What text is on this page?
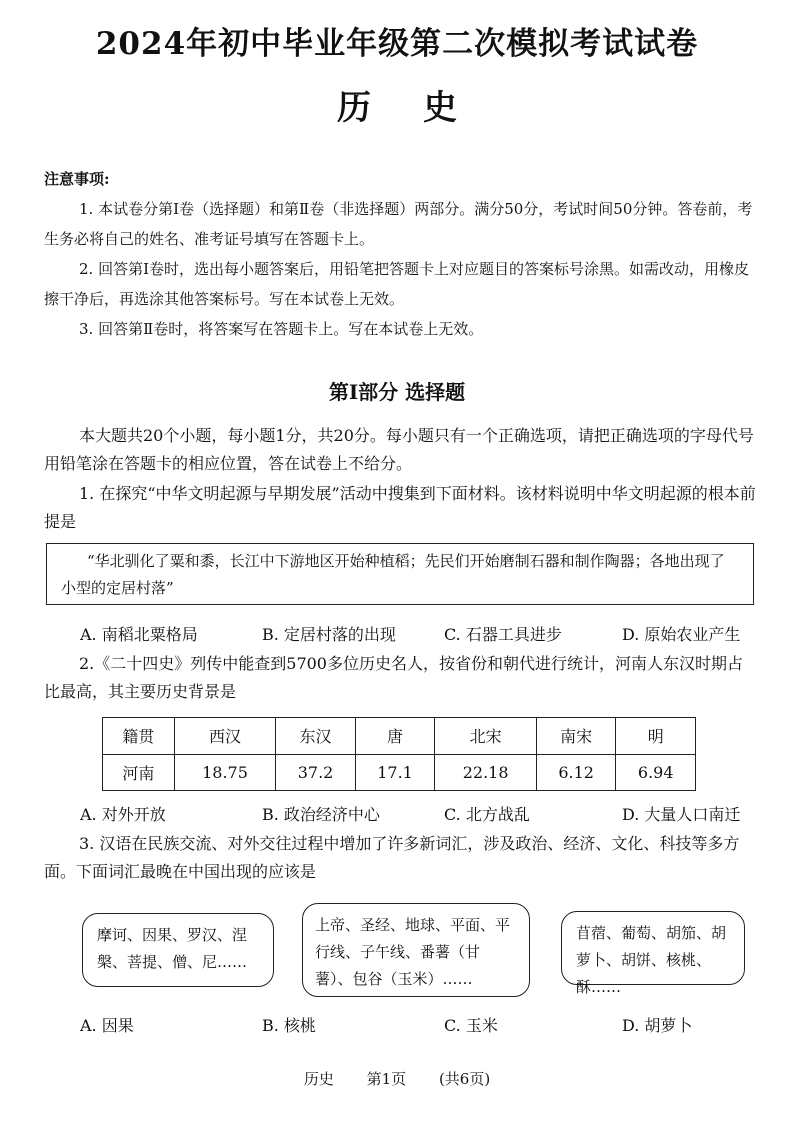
2024年初中毕业年级第二次模拟考试试卷
历史

注意事项:

1. 本试卷分第Ⅰ卷（选择题）和第Ⅱ卷（非选择题）两部分。满分50分，考试时间50分钟。答卷前，考生务必将自己的姓名、准考证号填写在答题卡上。

2. 回答第Ⅰ卷时，选出每小题答案后，用铅笔把答题卡上对应题目的答案标号涂黑。如需改动，用橡皮擦干净后，再选涂其他答案标号。写在本试卷上无效。

3. 回答第Ⅱ卷时，将答案写在答题卡上。写在本试卷上无效。

第Ⅰ部分 选择题

本大题共20个小题，每小题1分，共20分。每小题只有一个正确选项，请把正确选项的字母代号用铅笔涂在答题卡的相应位置，答在试卷上不给分。

1. 在探究“中华文明起源与早期发展”活动中搜集到下面材料。该材料说明中华文明起源的根本前提是

“华北驯化了粟和黍，长江中下游地区开始种植稻；先民们开始磨制石器和制作陶器；各地出现了小型的定居村落”
A. 南稻北粟格局	B. 定居村落的出现	C. 石器工具进步	D. 原始农业产生

2.《二十四史》列传中能查到5700多位历史名人，按省份和朝代进行统计，河南人东汉时期占比最高，其主要历史背景是

籍贯	西汉	东汉	唐	北宋	南宋	明
河南	18.75	37.2	17.1	22.18	6.12	6.94
A. 对外开放	B. 政治经济中心	C. 北方战乱	D. 大量人口南迁

3. 汉语在民族交流、对外交往过程中增加了许多新词汇，涉及政治、经济、文化、科技等多方面。下面词汇最晚在中国出现的应该是

摩诃、因果、罗汉、涅槃、菩提、僧、尼……
上帝、圣经、地球、平面、平行线、子午线、番薯（甘薯）、包谷（玉米）……
苜蓿、葡萄、胡笳、胡萝卜、胡饼、核桃、酥……
A. 因果	B. 核桃	C. 玉米	D. 胡萝卜
历史 第1页 (共6页)
